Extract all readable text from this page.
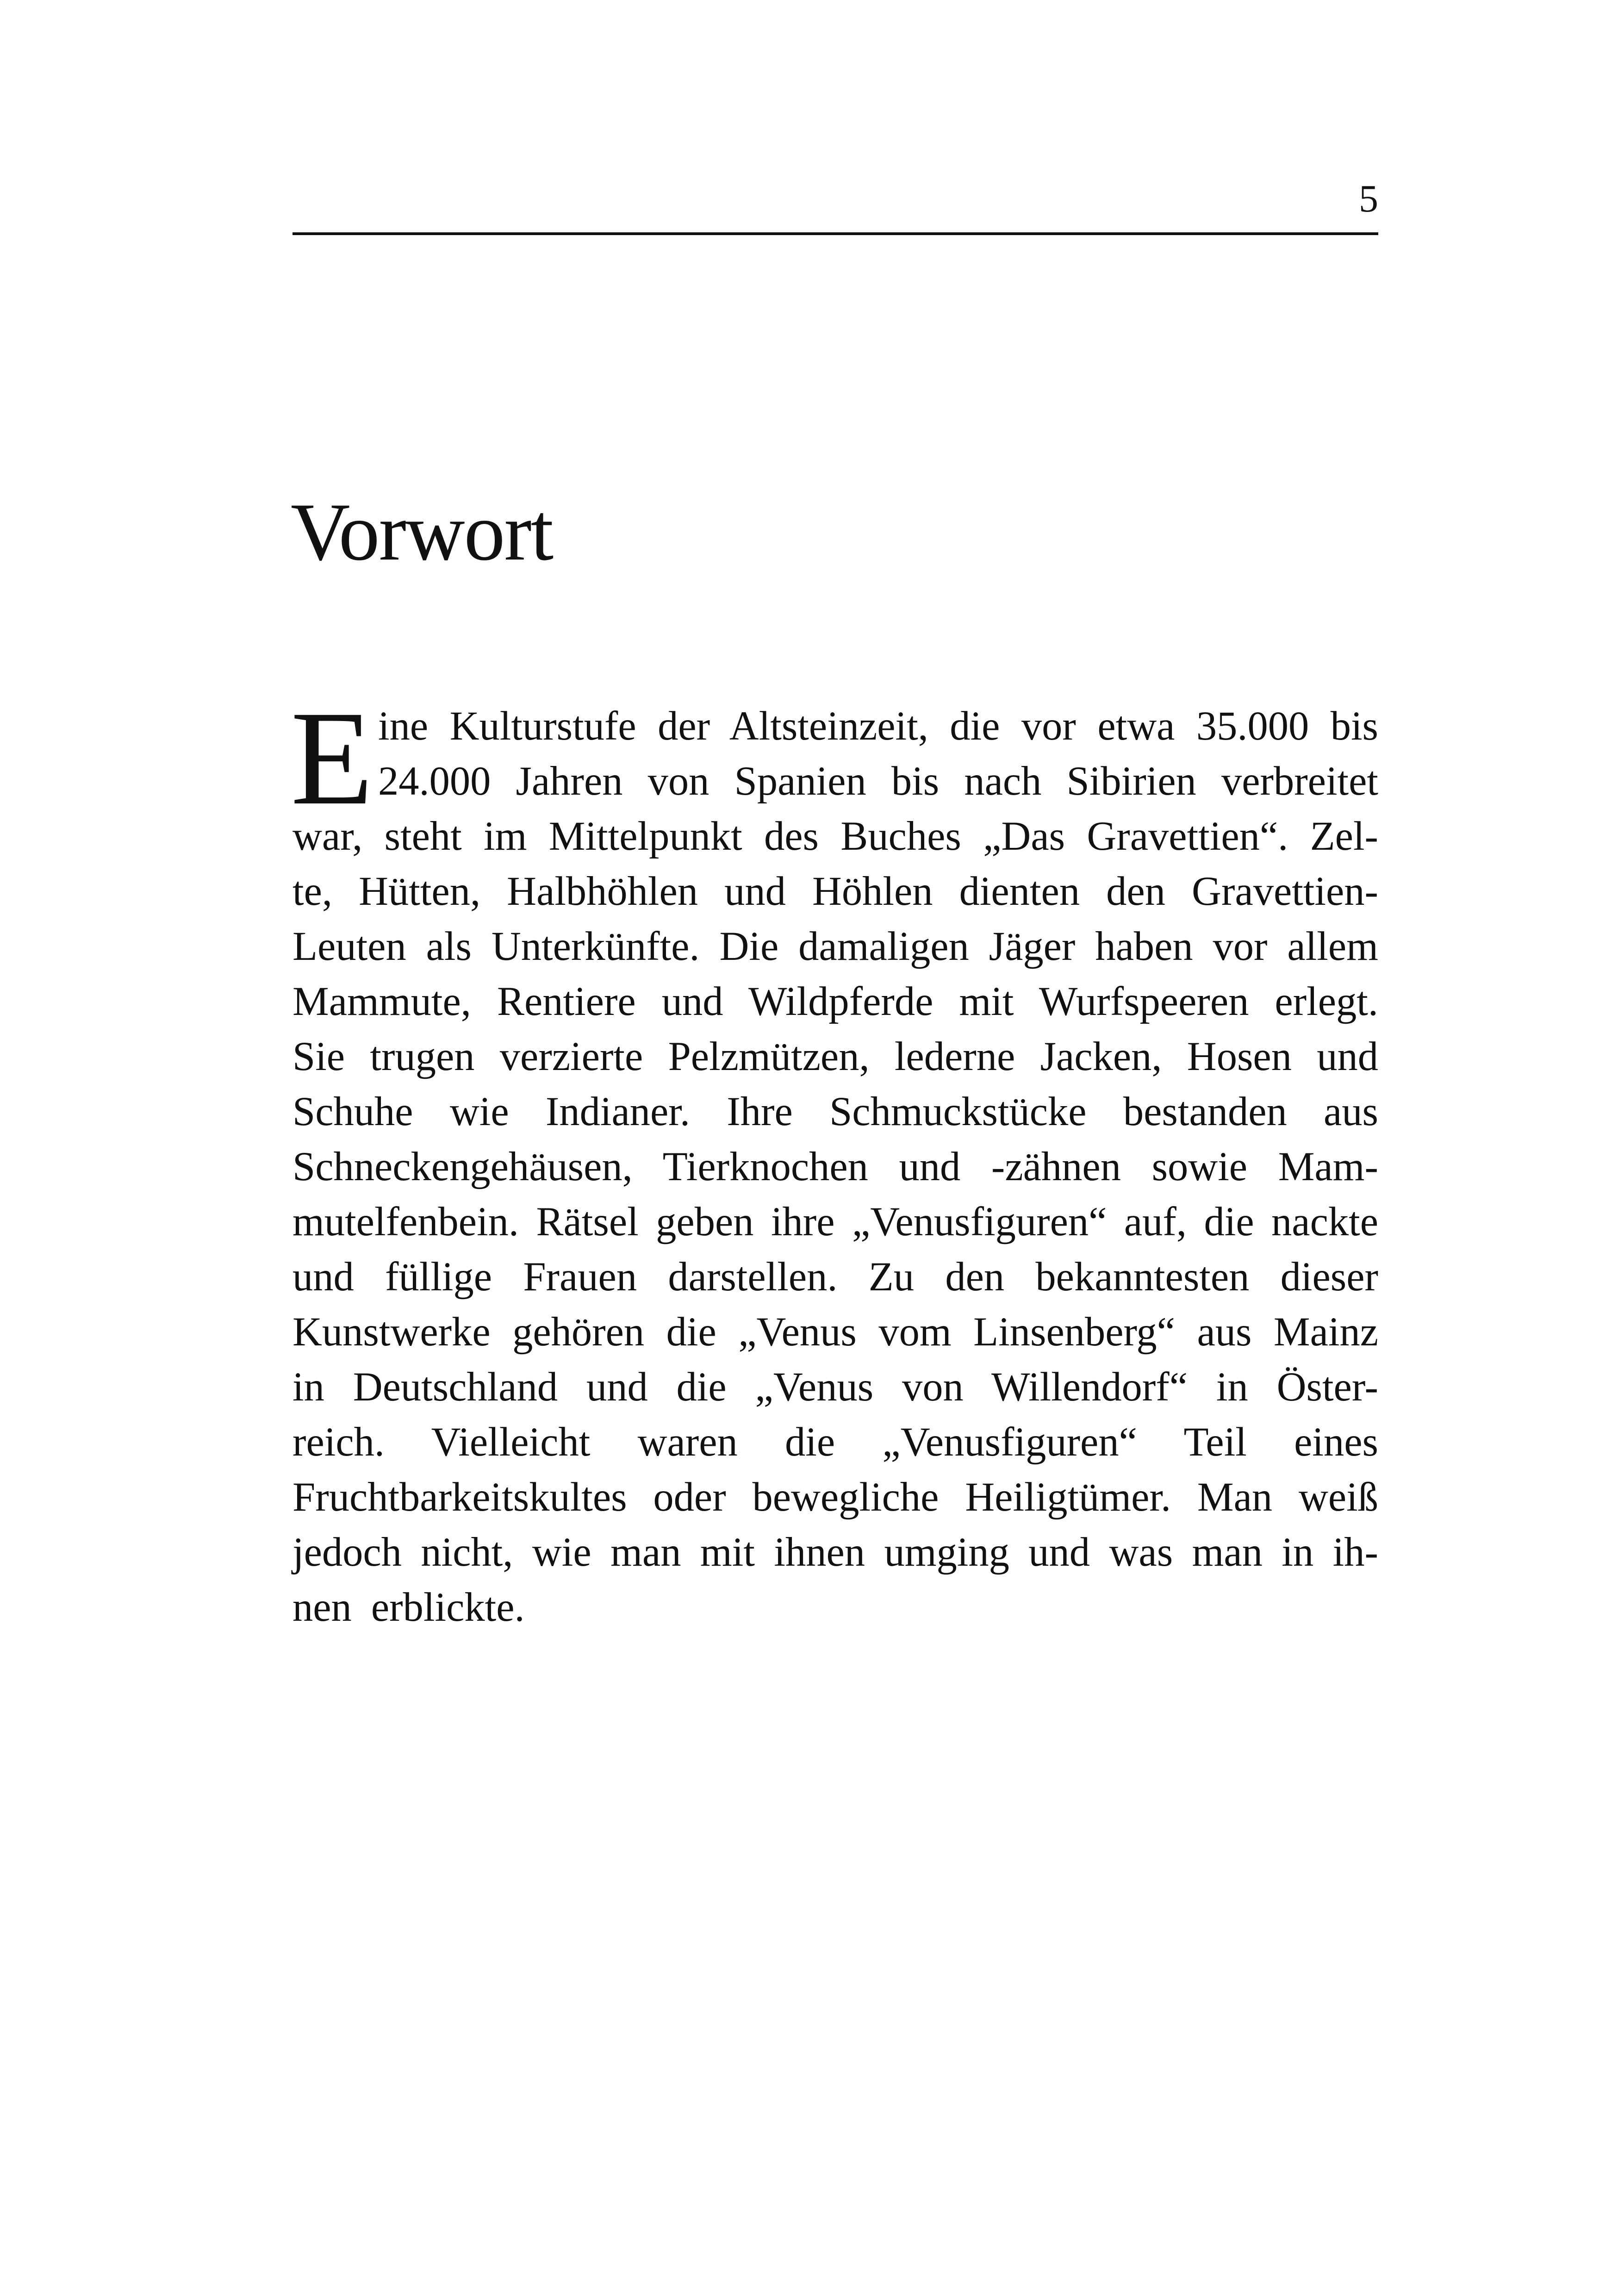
5
Vorwort
E ine Kulturstufe der Altsteinzeit, die vor etwa 35.000 bis
24.000 Jahren von Spanien bis nach Sibirien verbreitet
war, steht im Mittelpunkt des Buches „Das Gravettien“. Zel-
te, Hütten, Halbhöhlen und Höhlen dienten den Gravettien-
Leuten als Unterkünfte. Die damaligen Jäger haben vor allem
Mammute, Rentiere und Wildpferde mit Wurfspeeren erlegt.
Sie trugen verzierte Pelzmützen, lederne Jacken, Hosen und
Schuhe wie Indianer. Ihre Schmuckstücke bestanden aus
Schneckengehäusen, Tierknochen und -zähnen sowie Mam-
mutelfenbein. Rätsel geben ihre „Venusfiguren“ auf, die nackte
und füllige Frauen darstellen. Zu den bekanntesten dieser
Kunstwerke gehören die „Venus vom Linsenberg“ aus Mainz
in Deutschland und die „Venus von Willendorf“ in Öster-
reich. Vielleicht waren die „Venusfiguren“ Teil eines
Fruchtbarkeitskultes oder bewegliche Heiligtümer. Man weiß
jedoch nicht, wie man mit ihnen umging und was man in ih-
nen erblickte.
